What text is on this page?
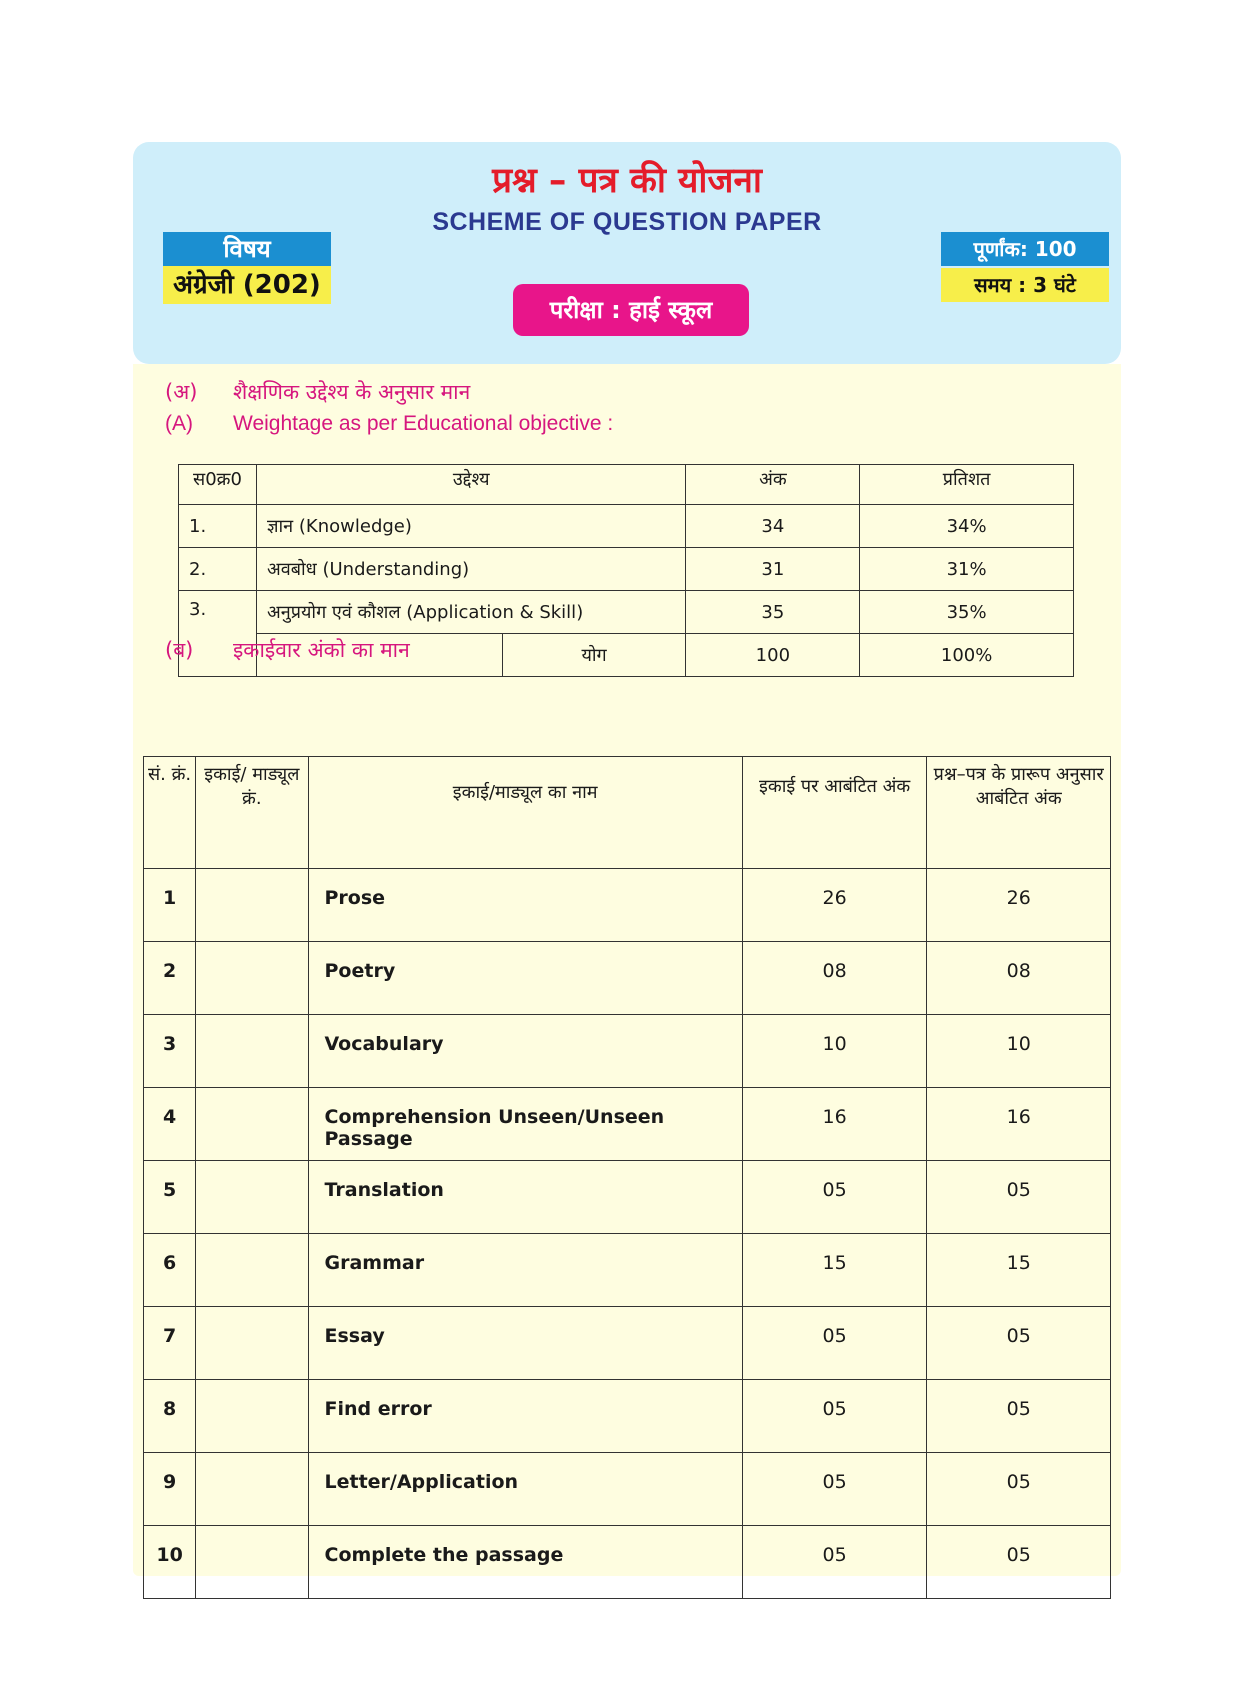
प्रश्न – पत्र की योजना
SCHEME OF QUESTION PAPER
विषय
अंग्रेजी (202)
पूर्णांक: 100
समय : 3 घंटे
परीक्षा : हाई स्कूल
(अ) शैक्षणिक उद्देश्य के अनुसार मान
(A) Weightage as per Educational objective :
स0क्र0	उद्देश्य		अंक	प्रतिशत
1.	ज्ञान (Knowledge)		34	34%
2.	अवबोध (Understanding)		31	31%
3.	अनुप्रयोग एवं कौशल (Application & Skill)		35	35%
		योग	100	100%
(ब) इकाईवार अंको का मान
सं. क्रं.	इकाई/ माड्यूल क्रं.	इकाई/माड्यूल का नाम	इकाई पर आबंटित अंक	प्रश्न–पत्र के प्रारूप अनुसार आबंटित अंक
1		Prose	26	26
2		Poetry	08	08
3		Vocabulary	10	10
4		Comprehension Unseen/Unseen Passage	16	16
5		Translation	05	05
6		Grammar	15	15
7		Essay	05	05
8		Find error	05	05
9		Letter/Application	05	05
10		Complete the passage	05	05
